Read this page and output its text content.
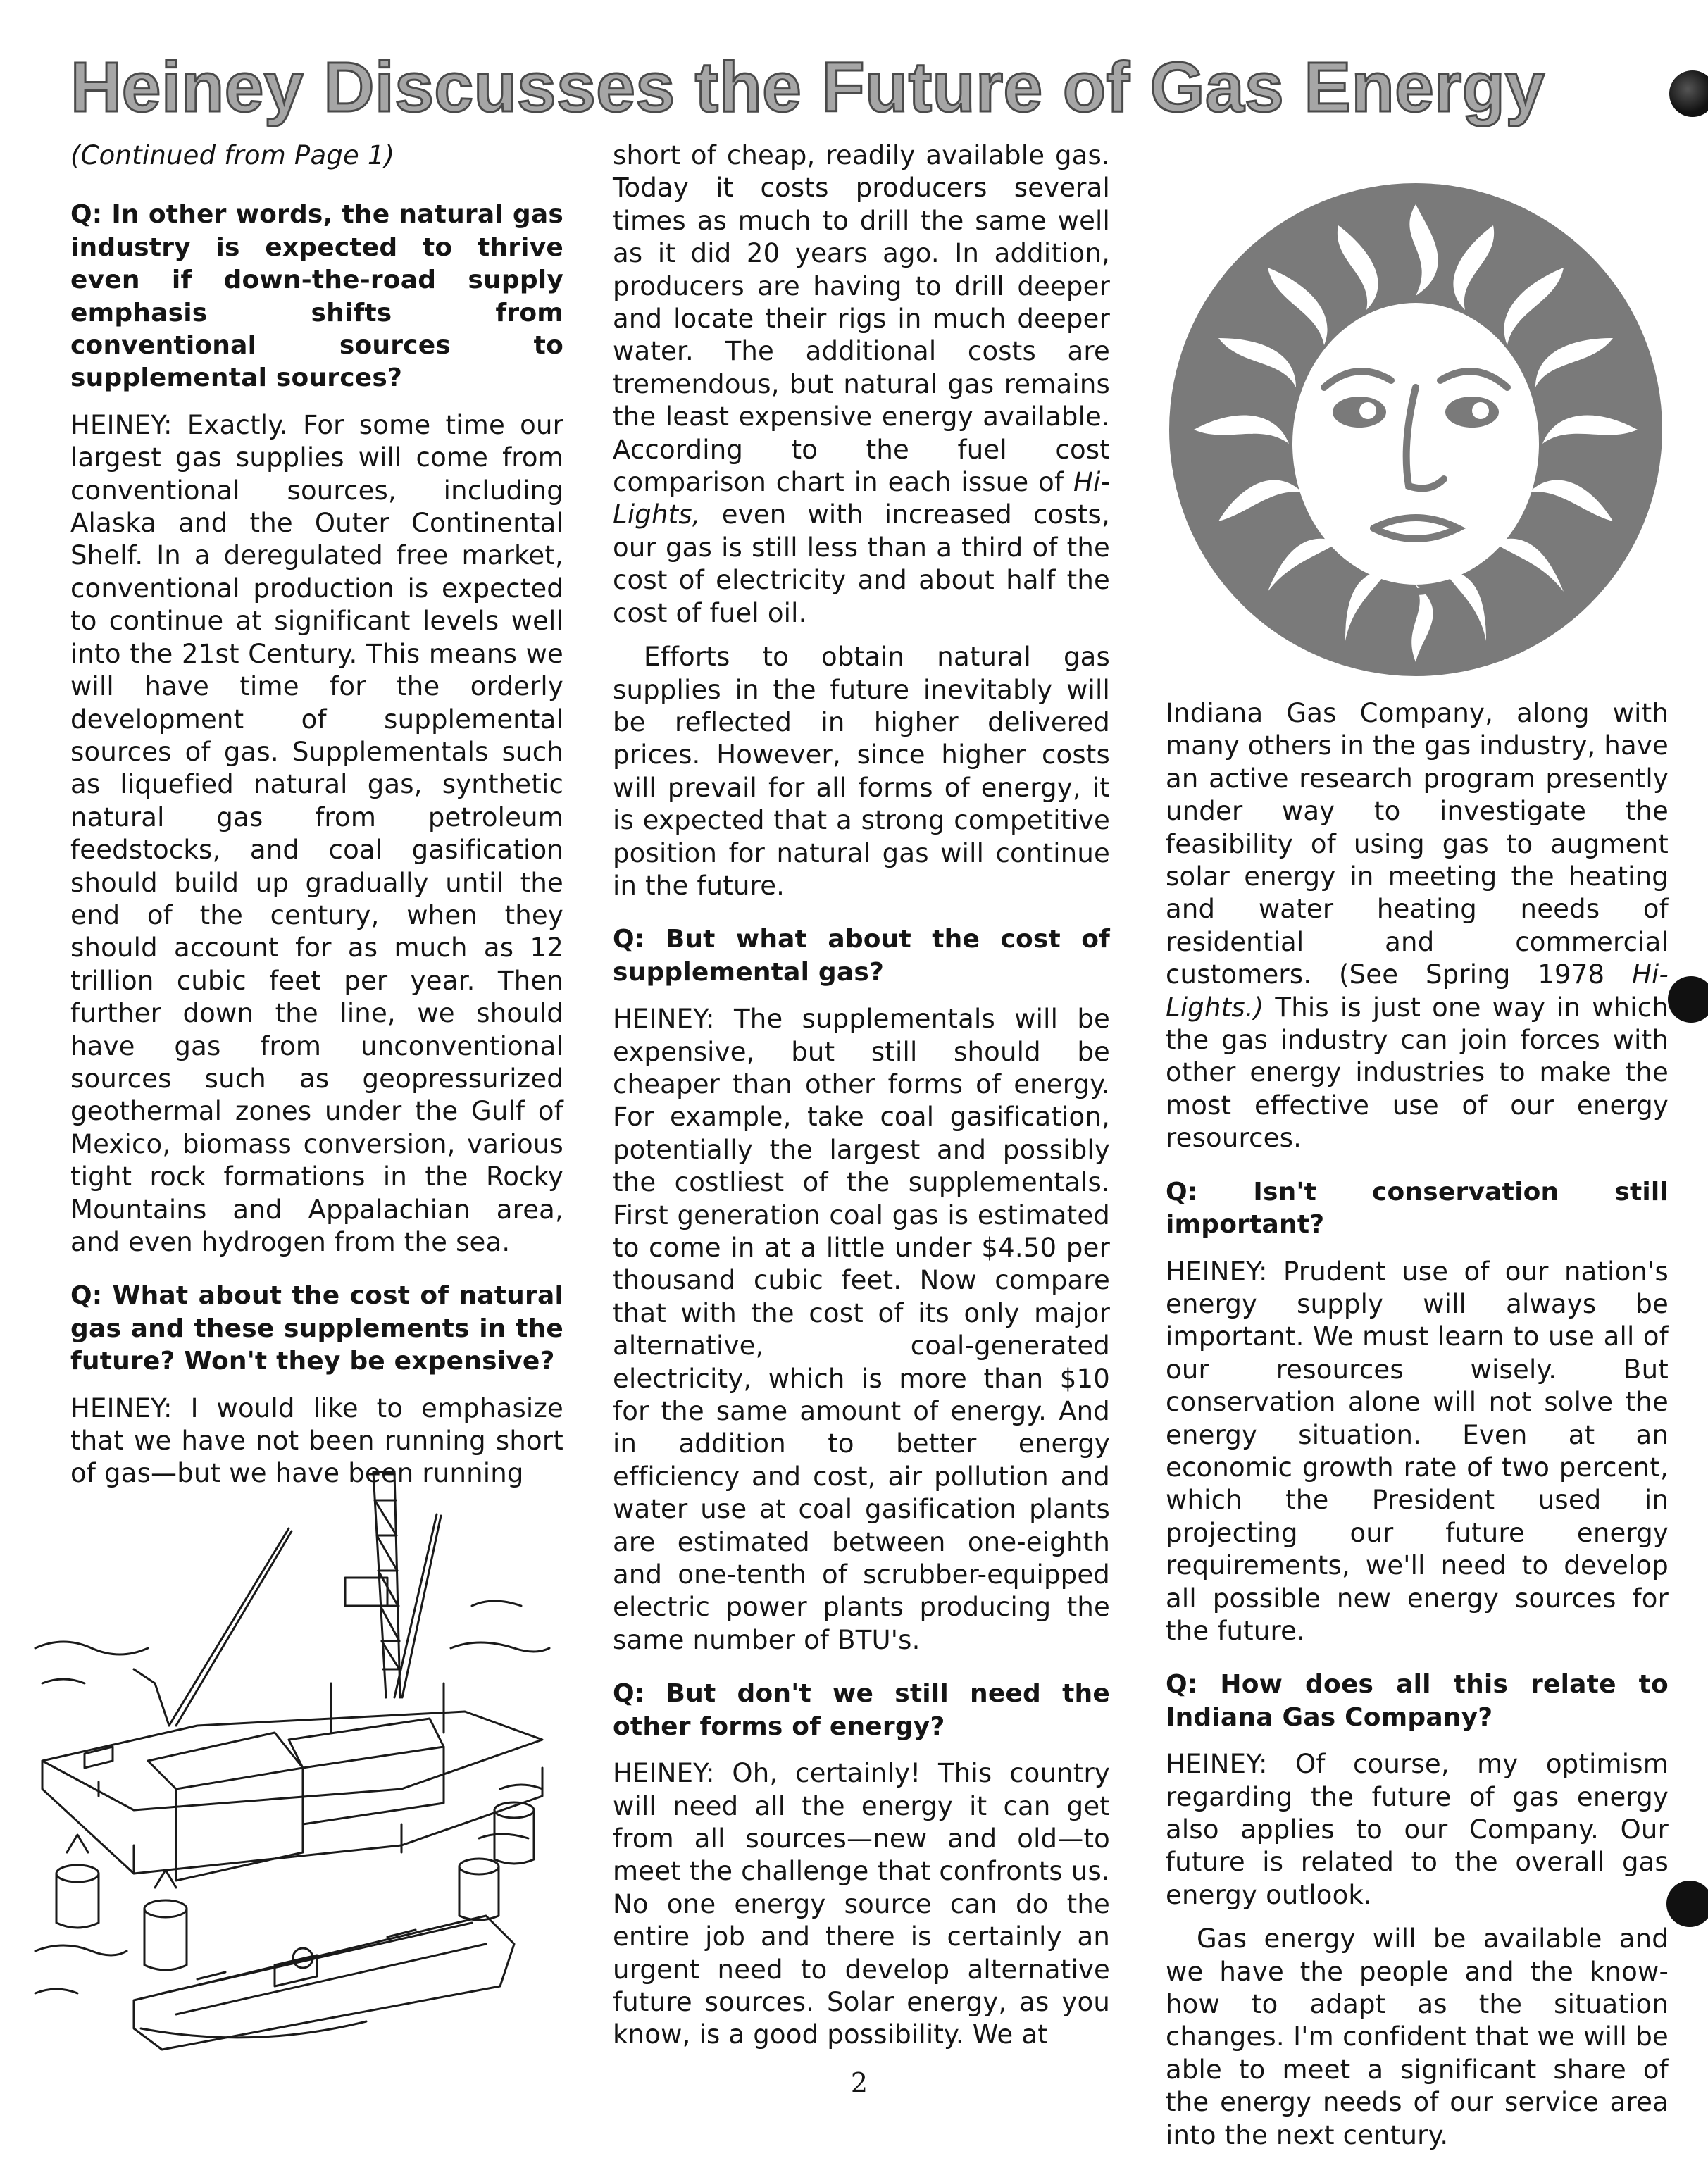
Heiney Discusses the Future of Gas Energy

(Continued from Page 1)

Q: In other words, the natural gas industry is expected to thrive even if down-the-road supply emphasis shifts from conventional sources to supplemental sources?

HEINEY: Exactly. For some time our largest gas supplies will come from conventional sources, including Alaska and the Outer Continental Shelf. In a deregulated free market, conventional production is expected to continue at significant levels well into the 21st Century. This means we will have time for the orderly development of supplemental sources of gas. Supplementals such as liquefied natural gas, synthetic natural gas from petroleum feedstocks, and coal gasification should build up gradually until the end of the century, when they should account for as much as 12 trillion cubic feet per year. Then further down the line, we should have gas from unconventional sources such as geopressurized geothermal zones under the Gulf of Mexico, biomass conversion, various tight rock formations in the Rocky Mountains and Appalachian area, and even hydrogen from the sea.

Q: What about the cost of natural gas and these supplements in the future? Won't they be expensive?

HEINEY: I would like to emphasize that we have not been running short of gas—but we have been running

short of cheap, readily available gas. Today it costs producers several times as much to drill the same well as it did 20 years ago. In addition, producers are having to drill deeper and locate their rigs in much deeper water. The additional costs are tremendous, but natural gas remains the least expensive energy available. According to the fuel cost comparison chart in each issue of Hi-Lights, even with increased costs, our gas is still less than a third of the cost of electricity and about half the cost of fuel oil.

Efforts to obtain natural gas supplies in the future inevitably will be reflected in higher delivered prices. However, since higher costs will prevail for all forms of energy, it is expected that a strong competitive position for natural gas will continue in the future.

Q: But what about the cost of supplemental gas?

HEINEY: The supplementals will be expensive, but still should be cheaper than other forms of energy. For example, take coal gasification, potentially the largest and possibly the costliest of the supplementals. First generation coal gas is estimated to come in at a little under $4.50 per thousand cubic feet. Now compare that with the cost of its only major alternative, coal-generated electricity, which is more than $10 for the same amount of energy. And in addition to better energy efficiency and cost, air pollution and water use at coal gasification plants are estimated between one-eighth and one-tenth of scrubber-equipped electric power plants producing the same number of BTU's.

Q: But don't we still need the other forms of energy?

HEINEY: Oh, certainly! This country will need all the energy it can get from all sources—new and old—to meet the challenge that confronts us. No one energy source can do the entire job and there is certainly an urgent need to develop alternative future sources. Solar energy, as you know, is a good possibility. We at

Indiana Gas Company, along with many others in the gas industry, have an active research program presently under way to investigate the feasibility of using gas to augment solar energy in meeting the heating and water heating needs of residential and commercial customers. (See Spring 1978 Hi-Lights.) This is just one way in which the gas industry can join forces with other energy industries to make the most effective use of our energy resources.

Q: Isn't conservation still important?

HEINEY: Prudent use of our nation's energy supply will always be important. We must learn to use all of our resources wisely. But conservation alone will not solve the energy situation. Even at an economic growth rate of two percent, which the President used in projecting our future energy requirements, we'll need to develop all possible new energy sources for the future.

Q: How does all this relate to Indiana Gas Company?

HEINEY: Of course, my optimism regarding the future of gas energy also applies to our Company. Our future is related to the overall gas energy outlook.

Gas energy will be available and we have the people and the know-how to adapt as the situation changes. I'm confident that we will be able to meet a significant share of the energy needs of our service area into the next century.

2
